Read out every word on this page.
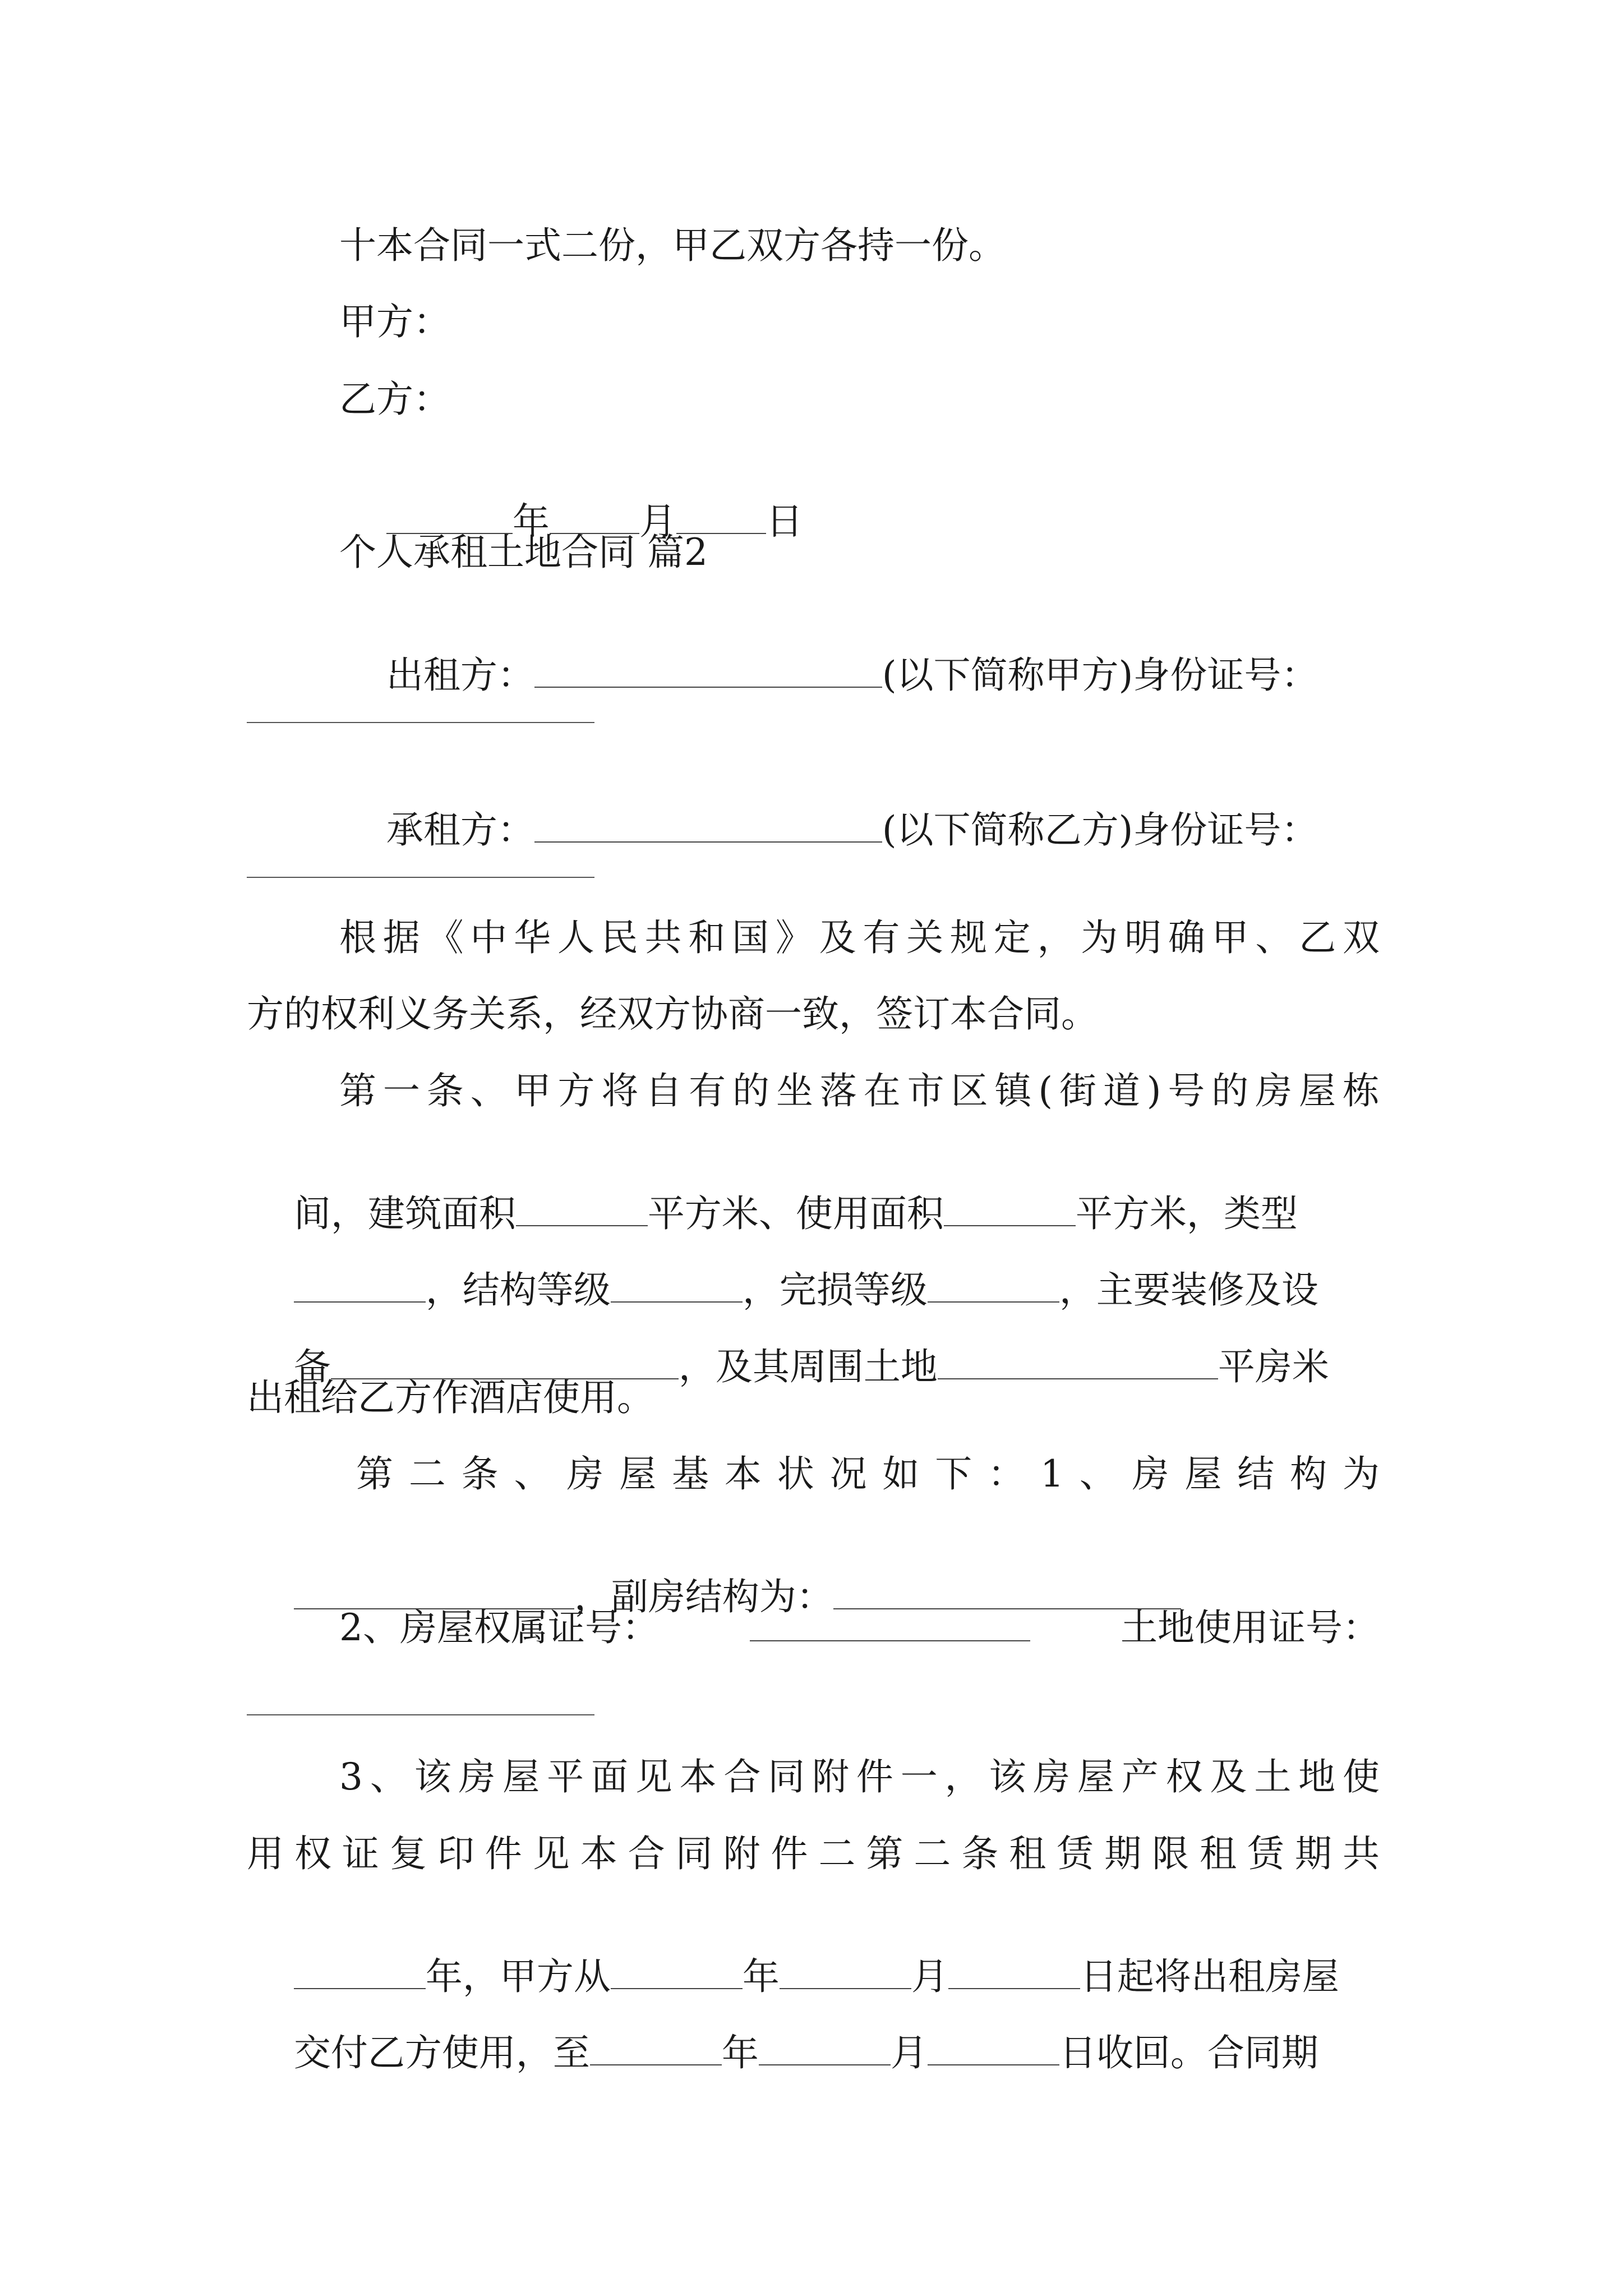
十本合同一式二份，甲乙双方各持一份。
甲方：
乙方：

年 月 日

个人承租土地合同 篇2

出租方：	(以下简称甲方)身份证号：

承租方：	(以下简称乙方)身份证号：

根据《中华人民共和国》及有关规定，为明确甲、乙双
方的权利义务关系，经双方协商一致，签订本合同。
第一条、甲方将自有的坐落在市区镇(街道)号的房屋栋

间，建筑面积	平方米、使用面积	平方米，类型

，结构等级	，完损等级	，主要装修及设

备	，及其周围土地	平房米

出租给乙方作酒店使用。
第二条、房屋基本状况如下：1、房屋结构为

，副房结构为：

2、房屋权属证号：	土地使用证号：
3、该房屋平面见本合同附件一，该房屋产权及土地使
用权证复印件见本合同附件二第二条租赁期限租赁期共

年，甲方从	年	月	日起将出租房屋

交付乙方使用，至	年	月	日收回。合同期
